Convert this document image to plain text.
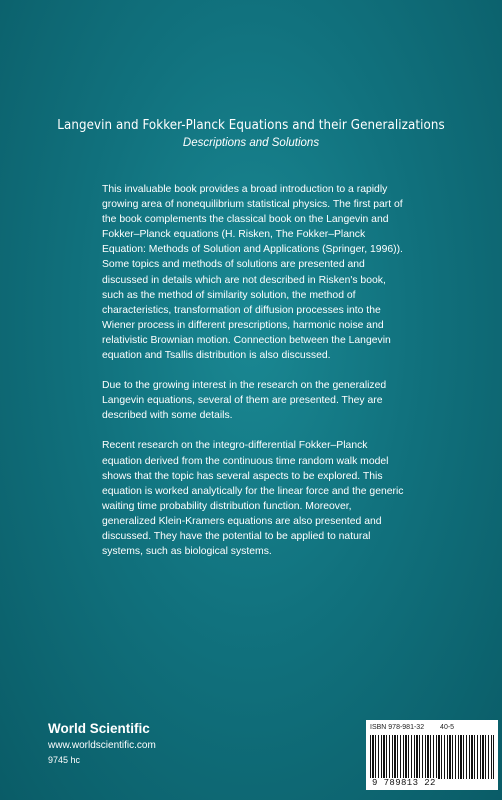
Langevin and Fokker-Planck Equations and their Generalizations
Descriptions and Solutions

This invaluable book provides a broad introduction to a rapidly growing area of nonequilibrium statistical physics. The first part of the book complements the classical book on the Langevin and Fokker–Planck equations (H. Risken, The Fokker–Planck Equation: Methods of Solution and Applications (Springer, 1996)). Some topics and methods of solutions are presented and discussed in details which are not described in Risken's book, such as the method of similarity solution, the method of characteristics, transformation of diffusion processes into the Wiener process in different prescriptions, harmonic noise and relativistic Brownian motion. Connection between the Langevin equation and Tsallis distribution is also discussed.

Due to the growing interest in the research on the generalized Langevin equations, several of them are presented. They are described with some details.

Recent research on the integro-differential Fokker–Planck equation derived from the continuous time random walk model shows that the topic has several aspects to be explored. This equation is worked analytically for the linear force and the generic waiting time probability distribution function. Moreover, generalized Klein-Kramers equations are also presented and discussed. They have the potential to be applied to natural systems, such as biological systems.

World Scientific
www.worldscientific.com
9745 hc
ISBN 978-981-32 40-5
9 789813 22
